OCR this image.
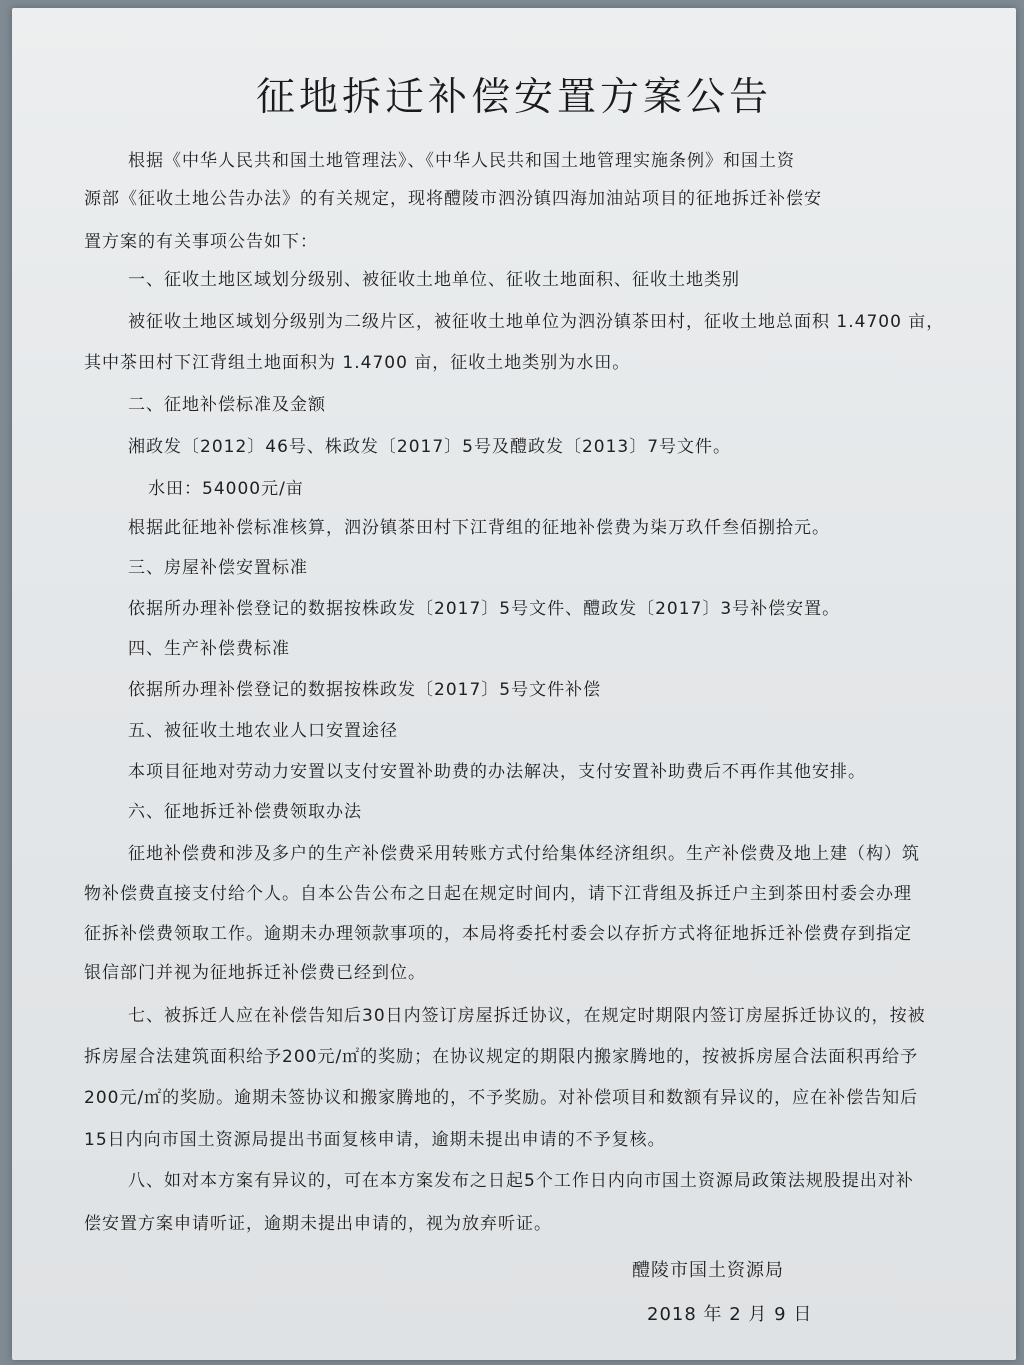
征地拆迁补偿安置方案公告
根据《中华人民共和国土地管理法》、《中华人民共和国土地管理实施条例》和国土资
源部《征收土地公告办法》的有关规定，现将醴陵市泗汾镇四海加油站项目的征地拆迁补偿安
置方案的有关事项公告如下：
一、征收土地区域划分级别、被征收土地单位、征收土地面积、征收土地类别
被征收土地区域划分级别为二级片区，被征收土地单位为泗汾镇茶田村，征收土地总面积 1.4700 亩，
其中茶田村下江背组土地面积为 1.4700 亩，征收土地类别为水田。
二、征地补偿标准及金额
湘政发〔2012〕46号、株政发〔2017〕5号及醴政发〔2013〕7号文件。
水田：54000元/亩
根据此征地补偿标准核算，泗汾镇茶田村下江背组的征地补偿费为柒万玖仟叁佰捌拾元。
三、房屋补偿安置标准
依据所办理补偿登记的数据按株政发〔2017〕5号文件、醴政发〔2017〕3号补偿安置。
四、生产补偿费标准
依据所办理补偿登记的数据按株政发〔2017〕5号文件补偿
五、被征收土地农业人口安置途径
本项目征地对劳动力安置以支付安置补助费的办法解决，支付安置补助费后不再作其他安排。
六、征地拆迁补偿费领取办法
征地补偿费和涉及多户的生产补偿费采用转账方式付给集体经济组织。生产补偿费及地上建（构）筑
物补偿费直接支付给个人。自本公告公布之日起在规定时间内，请下江背组及拆迁户主到茶田村委会办理
征拆补偿费领取工作。逾期未办理领款事项的，本局将委托村委会以存折方式将征地拆迁补偿费存到指定
银信部门并视为征地拆迁补偿费已经到位。
七、被拆迁人应在补偿告知后30日内签订房屋拆迁协议，在规定时期限内签订房屋拆迁协议的，按被
拆房屋合法建筑面积给予200元/㎡的奖励；在协议规定的期限内搬家腾地的，按被拆房屋合法面积再给予
200元/㎡的奖励。逾期未签协议和搬家腾地的，不予奖励。对补偿项目和数额有异议的，应在补偿告知后
15日内向市国土资源局提出书面复核申请，逾期未提出申请的不予复核。
八、如对本方案有异议的，可在本方案发布之日起5个工作日内向市国土资源局政策法规股提出对补
偿安置方案申请听证，逾期未提出申请的，视为放弃听证。
醴陵市国土资源局
2018 年 2 月 9 日
